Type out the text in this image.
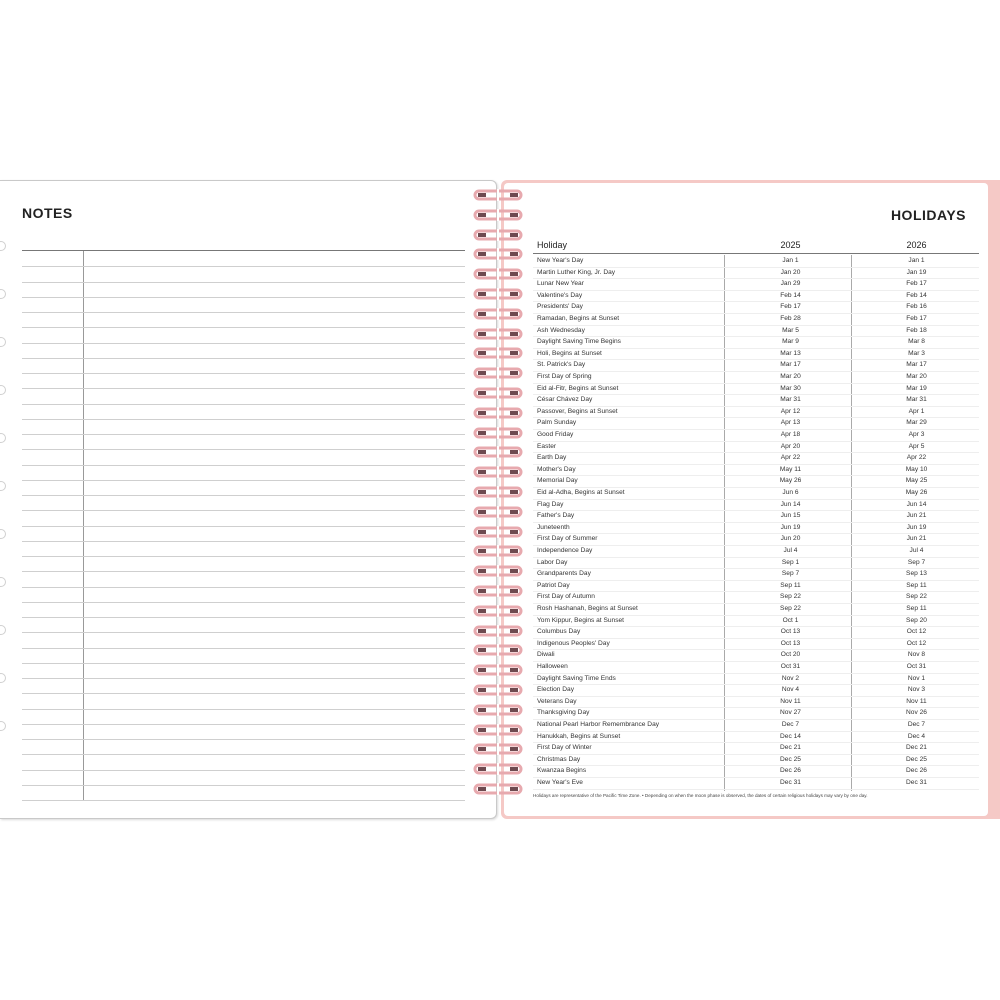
NOTES	HOLIDAYS
Holiday	2025	2026
New Year's Day	Jan 1	Jan 1
Martin Luther King, Jr. Day	Jan 20	Jan 19
Lunar New Year	Jan 29	Feb 17
Valentine's Day	Feb 14	Feb 14
Presidents' Day	Feb 17	Feb 16
Ramadan, Begins at Sunset	Feb 28	Feb 17
Ash Wednesday	Mar 5	Feb 18
Daylight Saving Time Begins	Mar 9	Mar 8
Holi, Begins at Sunset	Mar 13	Mar 3
St. Patrick's Day	Mar 17	Mar 17
First Day of Spring	Mar 20	Mar 20
Eid al-Fitr, Begins at Sunset	Mar 30	Mar 19
César Chávez Day	Mar 31	Mar 31
Passover, Begins at Sunset	Apr 12	Apr 1
Palm Sunday	Apr 13	Mar 29
Good Friday	Apr 18	Apr 3
Easter	Apr 20	Apr 5
Earth Day	Apr 22	Apr 22
Mother's Day	May 11	May 10
Memorial Day	May 26	May 25
Eid al-Adha, Begins at Sunset	Jun 6	May 26
Flag Day	Jun 14	Jun 14
Father's Day	Jun 15	Jun 21
Juneteenth	Jun 19	Jun 19
First Day of Summer	Jun 20	Jun 21
Independence Day	Jul 4	Jul 4
Labor Day	Sep 1	Sep 7
Grandparents Day	Sep 7	Sep 13
Patriot Day	Sep 11	Sep 11
First Day of Autumn	Sep 22	Sep 22
Rosh Hashanah, Begins at Sunset	Sep 22	Sep 11
Yom Kippur, Begins at Sunset	Oct 1	Sep 20
Columbus Day	Oct 13	Oct 12
Indigenous Peoples' Day	Oct 13	Oct 12
Diwali	Oct 20	Nov 8
Halloween	Oct 31	Oct 31
Daylight Saving Time Ends	Nov 2	Nov 1
Election Day	Nov 4	Nov 3
Veterans Day	Nov 11	Nov 11
Thanksgiving Day	Nov 27	Nov 26
National Pearl Harbor Remembrance Day	Dec 7	Dec 7
Hanukkah, Begins at Sunset	Dec 14	Dec 4
First Day of Winter	Dec 21	Dec 21
Christmas Day	Dec 25	Dec 25
Kwanzaa Begins	Dec 26	Dec 26
New Year's Eve	Dec 31	Dec 31
Holidays are representative of the Pacific Time Zone. • Depending on when the moon phase is observed, the dates of certain religious holidays may vary by one day.
